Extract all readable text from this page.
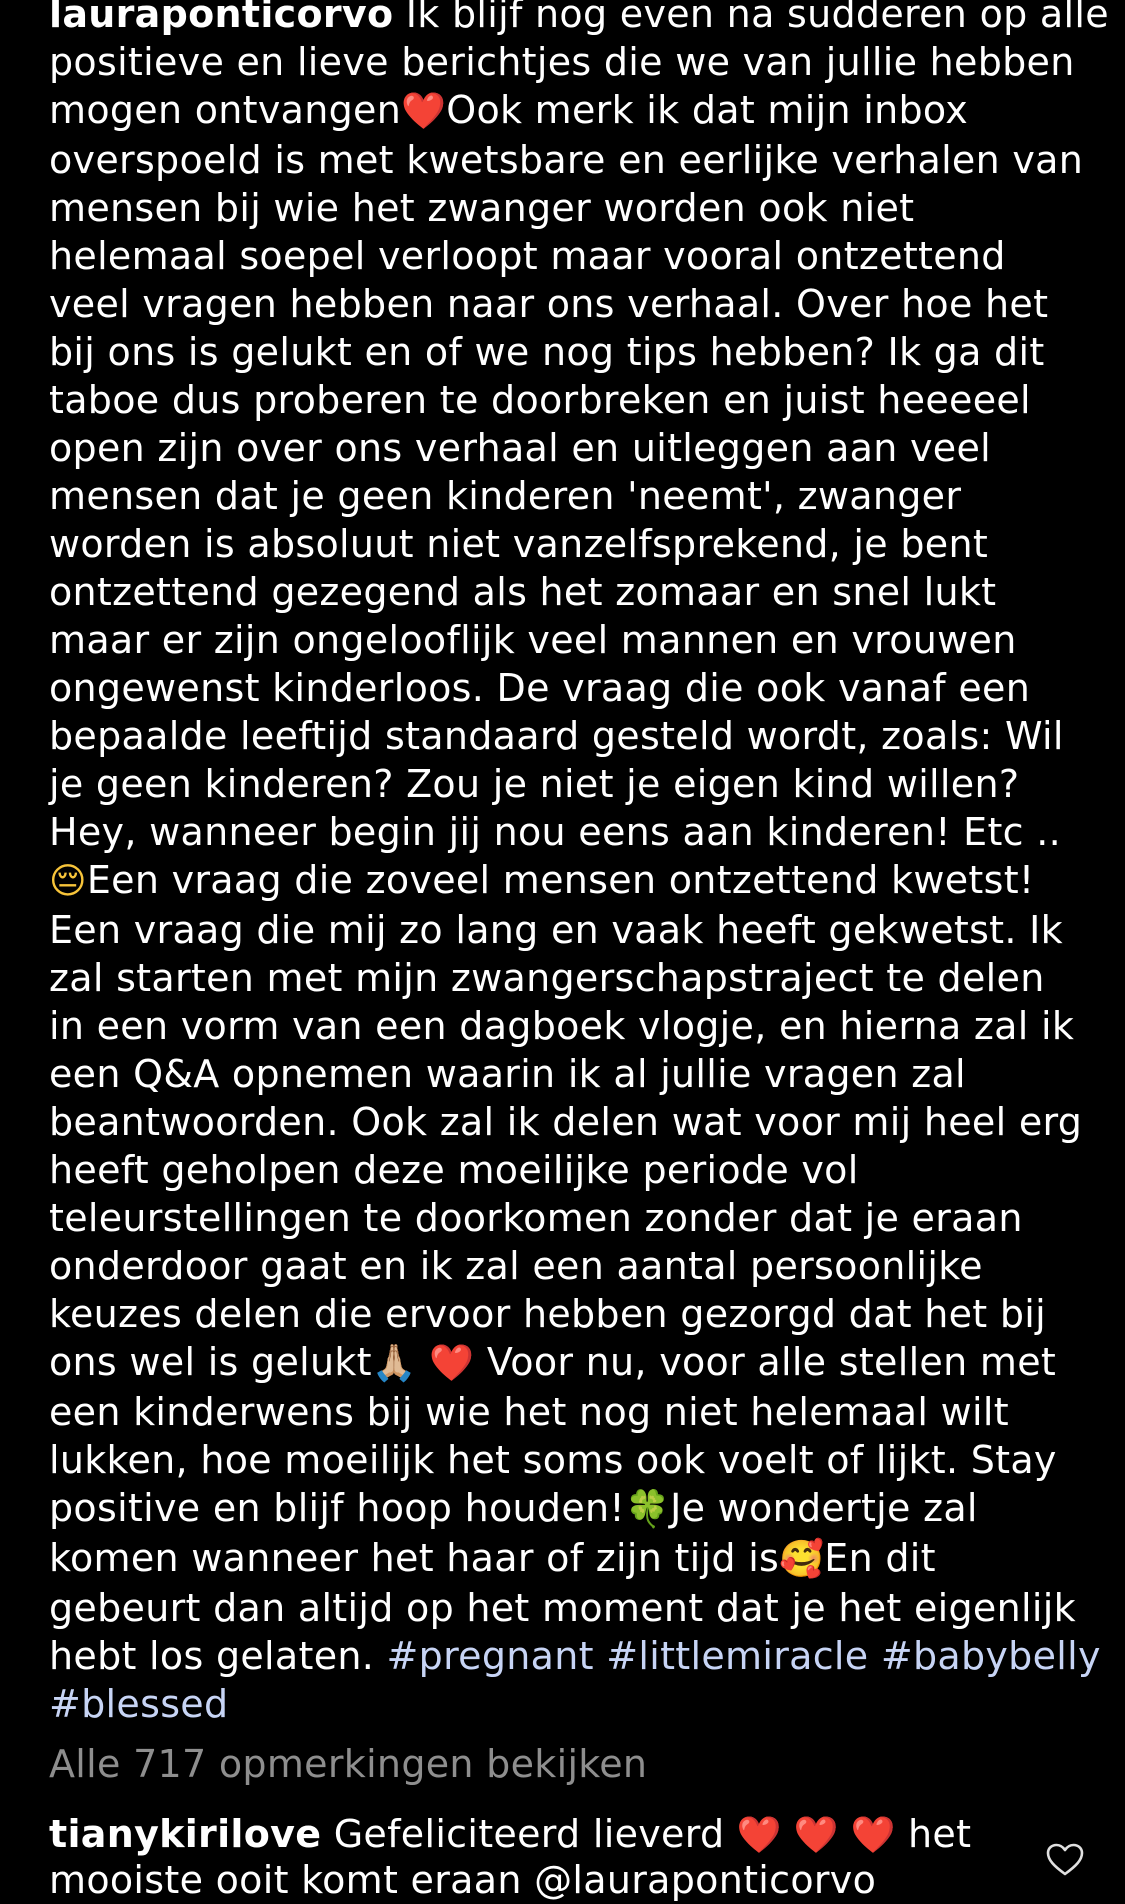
lauraponticorvo Ik blijf nog even na sudderen op alle
positieve en lieve berichtjes die we van jullie hebben
mogen ontvangen❤️Ook merk ik dat mijn inbox
overspoeld is met kwetsbare en eerlijke verhalen van
mensen bij wie het zwanger worden ook niet
helemaal soepel verloopt maar vooral ontzettend
veel vragen hebben naar ons verhaal. Over hoe het
bij ons is gelukt en of we nog tips hebben? Ik ga dit
taboe dus proberen te doorbreken en juist heeeeel
open zijn over ons verhaal en uitleggen aan veel
mensen dat je geen kinderen 'neemt', zwanger
worden is absoluut niet vanzelfsprekend, je bent
ontzettend gezegend als het zomaar en snel lukt
maar er zijn ongelooflijk veel mannen en vrouwen
ongewenst kinderloos. De vraag die ook vanaf een
bepaalde leeftijd standaard gesteld wordt, zoals: Wil
je geen kinderen? Zou je niet je eigen kind willen?
Hey, wanneer begin jij nou eens aan kinderen! Etc ..
😔Een vraag die zoveel mensen ontzettend kwetst!
Een vraag die mij zo lang en vaak heeft gekwetst. Ik
zal starten met mijn zwangerschapstraject te delen
in een vorm van een dagboek vlogje, en hierna zal ik
een Q&A opnemen waarin ik al jullie vragen zal
beantwoorden. Ook zal ik delen wat voor mij heel erg
heeft geholpen deze moeilijke periode vol
teleurstellingen te doorkomen zonder dat je eraan
onderdoor gaat en ik zal een aantal persoonlijke
keuzes delen die ervoor hebben gezorgd dat het bij
ons wel is gelukt🙏🏼 ❤️ Voor nu, voor alle stellen met
een kinderwens bij wie het nog niet helemaal wilt
lukken, hoe moeilijk het soms ook voelt of lijkt. Stay
positive en blijf hoop houden!🍀Je wondertje zal
komen wanneer het haar of zijn tijd is🥰En dit
gebeurt dan altijd op het moment dat je het eigenlijk
hebt los gelaten. #pregnant #littlemiracle #babybelly
#blessed
Alle 717 opmerkingen bekijken
tianykirilove Gefeliciteerd lieverd ❤️ ❤️ ❤️ het
mooiste ooit komt eraan @lauraponticorvo
